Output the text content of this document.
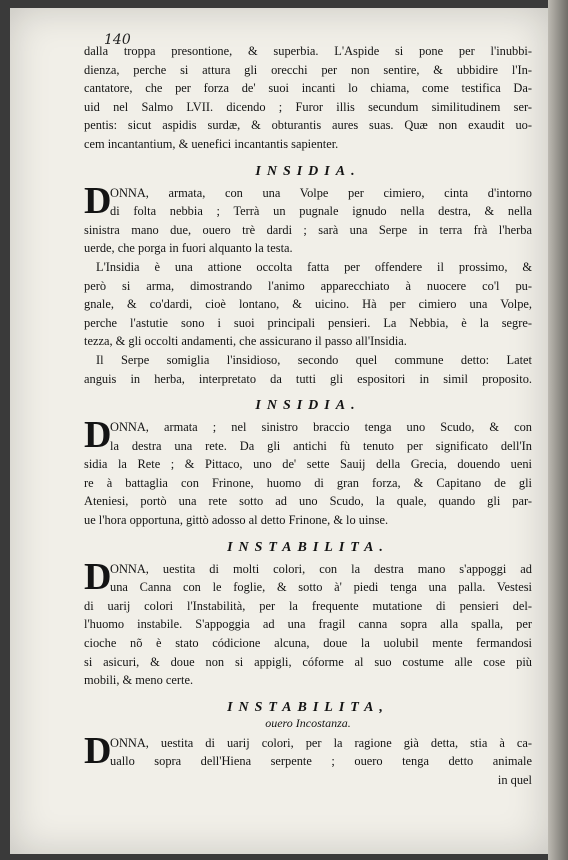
140
dalla troppa presontione, & superbia. L'Aspide si pone per l'inubbi-
dienza, perche si attura gli orecchi per non sentire, & ubbidire l'In-
cantatore, che per forza de' suoi incanti lo chiama, come testifica Da-
uid nel Salmo LVII. dicendo ; Furor illis secundum similitudinem ser-
pentis: sicut aspidis surdæ, & obturantis aures suas. Quæ non exaudit uo-
cem incantantium, & uenefici incantantis sapienter.
INSIDIA.
D
ONNA, armata, con una Volpe per cimiero, cinta d'intorno
di folta nebbia ; Terrà un pugnale ignudo nella destra, & nella
sinistra mano due, ouero trè dardi ; sarà una Serpe in terra frà l'herba
uerde, che porga in fuori alquanto la testa.
L'Insidia è una attione occolta fatta per offendere il prossimo, &
però si arma, dimostrando l'animo apparecchiato à nuocere co'l pu-
gnale, & co'dardi, cioè lontano, & uicino. Hà per cimiero una Volpe,
perche l'astutie sono i suoi principali pensieri. La Nebbia, è la segre-
tezza, & gli occolti andamenti, che assicurano il passo all'Insidia.
Il Serpe somiglia l'insidioso, secondo quel commune detto: Latet
anguis in herba, interpretato da tutti gli espositori in simil proposito.
INSIDIA.
D
ONNA, armata ; nel sinistro braccio tenga uno Scudo, & con
la destra una rete. Da gli antichi fù tenuto per significato dell'In
sidia la Rete ; & Pittaco, uno de' sette Sauij della Grecia, douendo ueni
re à battaglia con Frinone, huomo di gran forza, & Capitano de gli
Ateniesi, portò una rete sotto ad uno Scudo, la quale, quando gli par-
ue l'hora opportuna, gittò adosso al detto Frinone, & lo uinse.
INSTABILITA.
D
ONNA, uestita di molti colori, con la destra mano s'appoggi ad
una Canna con le foglie, & sotto à' piedi tenga una palla. Vestesi
di uarij colori l'Instabilità, per la frequente mutatione di pensieri del-
l'huomo instabile. S'appoggia ad una fragil canna sopra alla spalla, per
cioche nõ è stato códicione alcuna, doue la uolubil mente fermandosi
si asicuri, & doue non si appigli, cóforme al suo costume alle cose più
mobili, & meno certe.
INSTABILITA,
ouero Incostanza.
D
ONNA, uestita di uarij colori, per la ragione già detta, stia à ca-
uallo sopra dell'Hiena serpente ; ouero tenga detto animale
in quel
